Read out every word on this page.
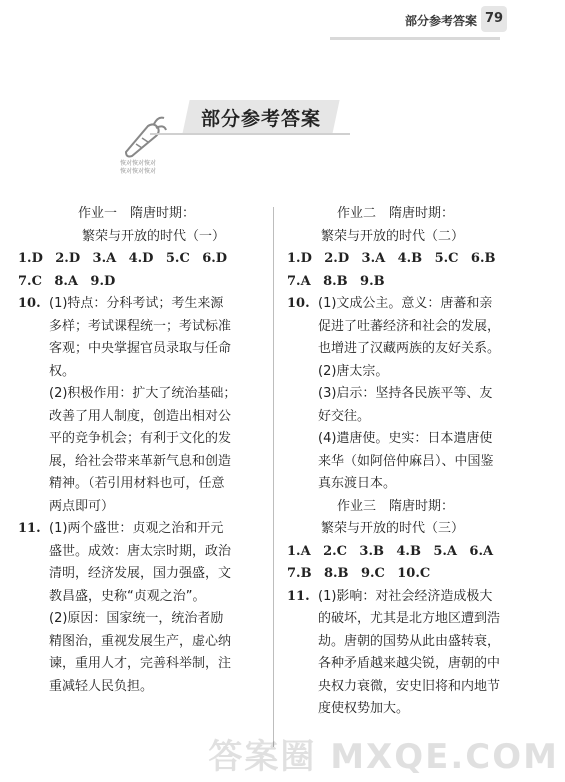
部分参考答案 79
恢对恢对恢对
恢对恢对恢对
部分参考答案
作业一　隋唐时期：
繁荣与开放的时代（一）
1.D 2.D 3.A 4.D 5.C 6.D
7.C 8.A 9.D
10. (1)特点：分科考试；考生来源
多样；考试课程统一；考试标准
客观；中央掌握官员录取与任命
权。
(2)积极作用：扩大了统治基础；
改善了用人制度，创造出相对公
平的竞争机会；有利于文化的发
展，给社会带来革新气息和创造
精神。（若引用材料也可，任意
两点即可）
11. (1)两个盛世：贞观之治和开元
盛世。成效：唐太宗时期，政治
清明，经济发展，国力强盛，文
教昌盛，史称“贞观之治”。
(2)原因：国家统一，统治者励
精图治，重视发展生产，虚心纳
谏，重用人才，完善科举制，注
重减轻人民负担。
作业二　隋唐时期：
繁荣与开放的时代（二）
1.D 2.D 3.A 4.B 5.C 6.B
7.A 8.B 9.B
10. (1)文成公主。意义：唐蕃和亲
促进了吐蕃经济和社会的发展，
也增进了汉藏两族的友好关系。
(2)唐太宗。
(3)启示：坚持各民族平等、友
好交往。
(4)遣唐使。史实：日本遣唐使
来华（如阿倍仲麻吕）、中国鉴
真东渡日本。
作业三　隋唐时期：
繁荣与开放的时代（三）
1.A 2.C 3.B 4.B 5.A 6.A
7.B 8.B 9.C 10.C
11. (1)影响：对社会经济造成极大
的破坏，尤其是北方地区遭到浩
劫。唐朝的国势从此由盛转衰，
各种矛盾越来越尖锐，唐朝的中
央权力衰微，安史旧将和内地节
度使权势加大。
答案圈 MXQE.COM
